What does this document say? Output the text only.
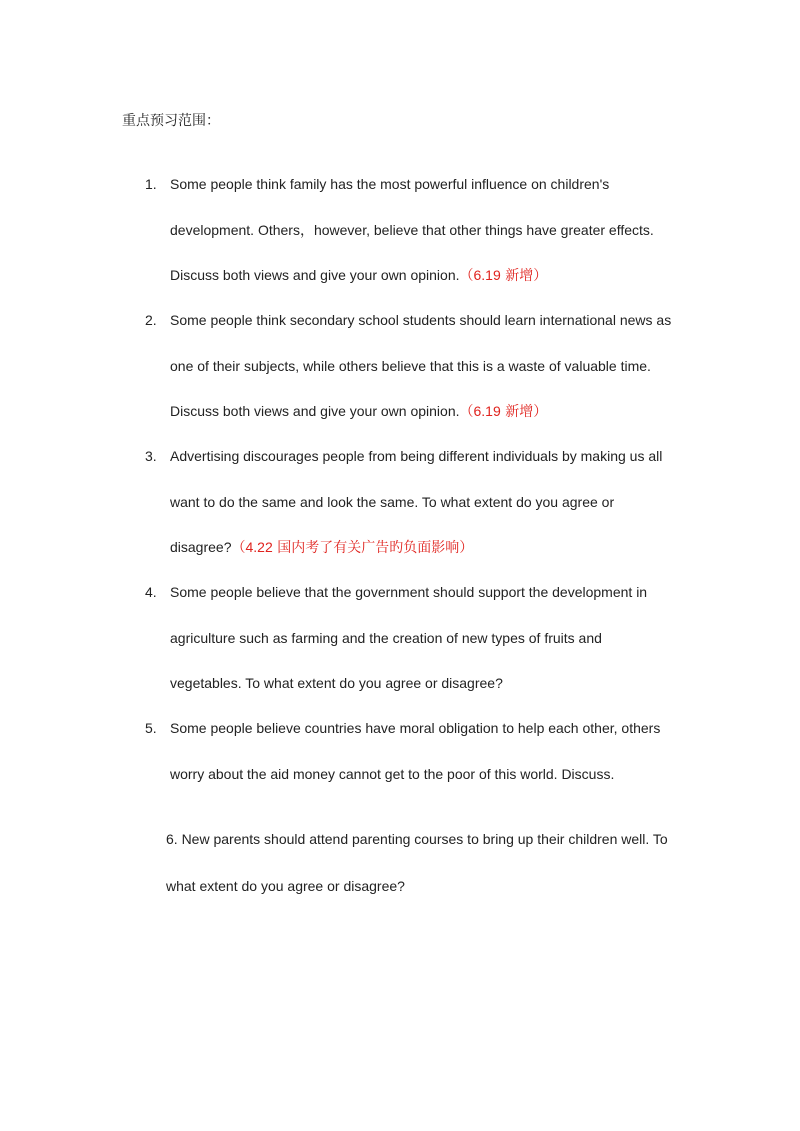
重点预习范围：
1. Some people think family has the most powerful influence on children's
development. Others，however, believe that other things have greater effects.
Discuss both views and give your own opinion.（6.19 新增）
2. Some people think secondary school students should learn international news as
one of their subjects, while others believe that this is a waste of valuable time.
Discuss both views and give your own opinion.（6.19 新增）
3. Advertising discourages people from being different individuals by making us all
want to do the same and look the same. To what extent do you agree or
disagree?（4.22 国内考了有关广告旳负面影响）
4. Some people believe that the government should support the development in
agriculture such as farming and the creation of new types of fruits and
vegetables. To what extent do you agree or disagree?
5. Some people believe countries have moral obligation to help each other, others
worry about the aid money cannot get to the poor of this world. Discuss.
6. New parents should attend parenting courses to bring up their children well. To
what extent do you agree or disagree?
